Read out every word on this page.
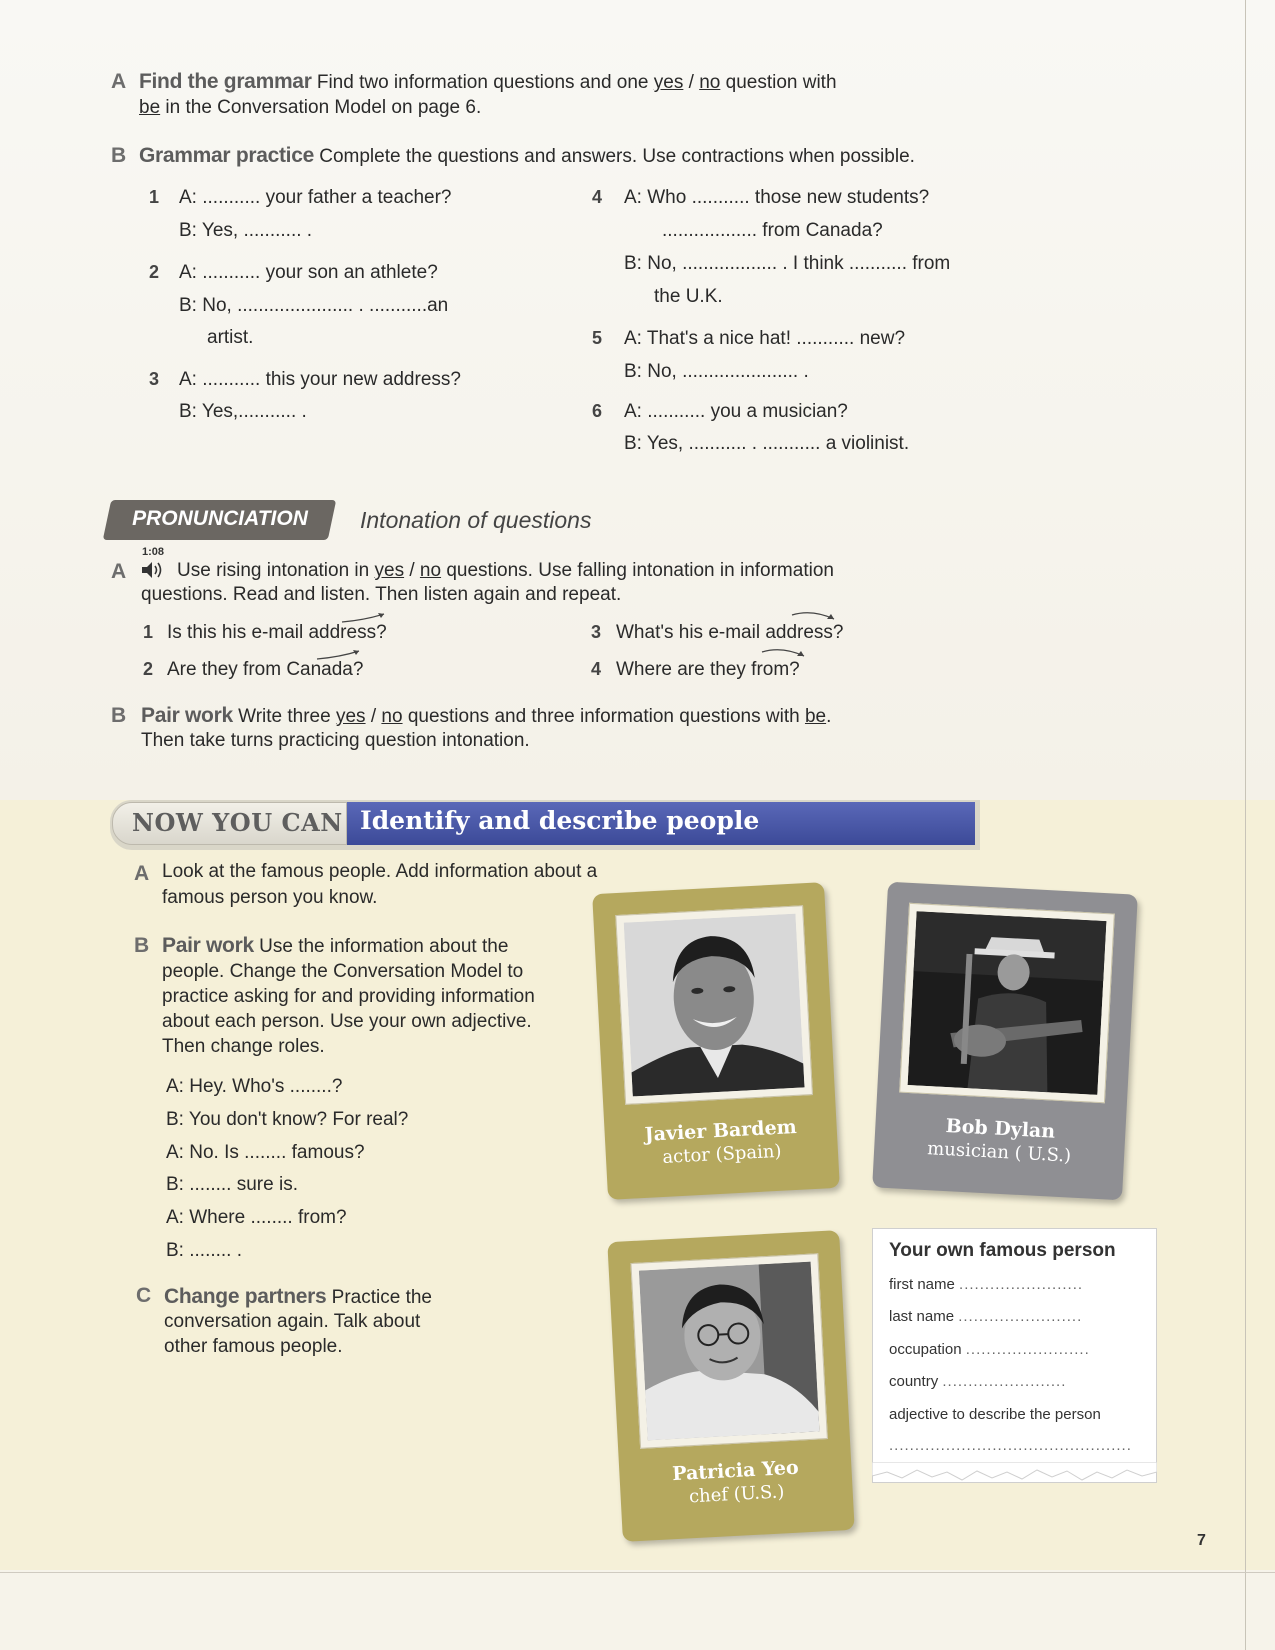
A Find the grammar Find two information questions and one yes / no question with
be in the Conversation Model on page 6.
B Grammar practice Complete the questions and answers. Use contractions when possible.
1 A: ........... your father a teacher?
B: Yes, ........... .
2 A: ........... your son an athlete?
B: No, ...................... . ...........an
artist.
3 A: ........... this your new address?
B: Yes,........... .
4 A: Who ........... those new students?
.................. from Canada?
B: No, .................. . I think ........... from
the U.K.
5 A: That's a nice hat! ........... new?
B: No, ...................... .
6 A: ........... you a musician?
B: Yes, ........... . ........... a violinist.
PRONUNCIATION	Intonation of questions
1:08
A	Use rising intonation in yes / no questions. Use falling intonation in information
questions. Read and listen. Then listen again and repeat.
1 Is this his e-mail address?
2 Are they from Canada?
3 What's his e-mail address?
4 Where are they from?
B Pair work Write three yes / no questions and three information questions with be.
Then take turns practicing question intonation.
NOW YOU CAN Identify and describe people
A Look at the famous people. Add information about a
famous person you know.
B Pair work Use the information about the
people. Change the Conversation Model to
practice asking for and providing information
about each person. Use your own adjective.
Then change roles.
A: Hey. Who's ........?
B: You don't know? For real?
A: No. Is ........ famous?
B: ........ sure is.
A: Where ........ from?
B: ........ .
C Change partners Practice the
conversation again. Talk about
other famous people.
Javier Bardem
actor (Spain)
Bob Dylan
musician ( U.S.)
Patricia Yeo
chef (U.S.)
Your own famous person
first name ........................
last name ........................
occupation ........................
country ........................
adjective to describe the person
...............................................
7
